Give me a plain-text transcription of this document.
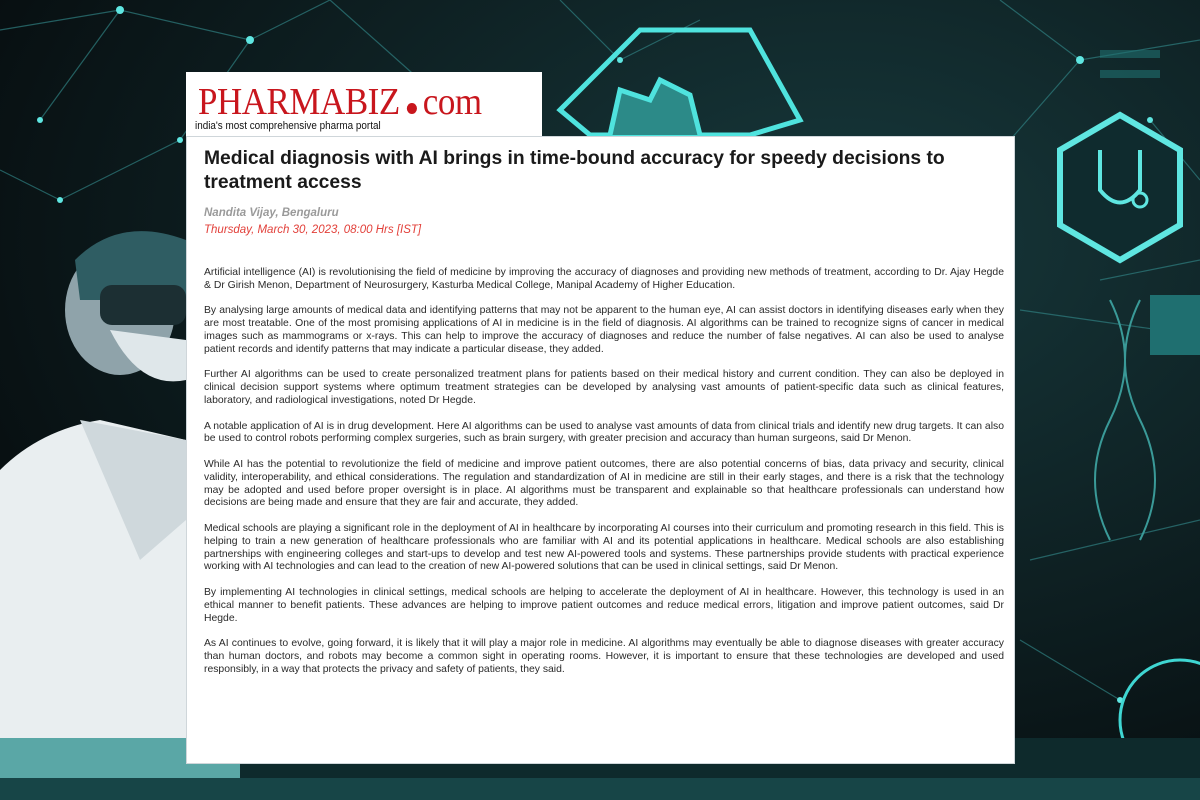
PHARMABIZ com
india's most comprehensive pharma portal
Medical diagnosis with AI brings in time-bound accuracy for speedy decisions to treatment access
Nandita Vijay, Bengaluru
Thursday, March 30, 2023, 08:00 Hrs [IST]

Artificial intelligence (AI) is revolutionising the field of medicine by improving the accuracy of diagnoses and providing new methods of treatment, according to Dr. Ajay Hegde & Dr Girish Menon, Department of Neurosurgery, Kasturba Medical College, Manipal Academy of Higher Education.

By analysing large amounts of medical data and identifying patterns that may not be apparent to the human eye, AI can assist doctors in identifying diseases early when they are most treatable. One of the most promising applications of AI in medicine is in the field of diagnosis. AI algorithms can be trained to recognize signs of cancer in medical images such as mammograms or x-rays. This can help to improve the accuracy of diagnoses and reduce the number of false negatives. AI can also be used to analyse patient records and identify patterns that may indicate a particular disease, they added.

Further AI algorithms can be used to create personalized treatment plans for patients based on their medical history and current condition. They can also be deployed in clinical decision support systems where optimum treatment strategies can be developed by analysing vast amounts of patient-specific data such as clinical features, laboratory, and radiological investigations, noted Dr Hegde.

A notable application of AI is in drug development. Here AI algorithms can be used to analyse vast amounts of data from clinical trials and identify new drug targets. It can also be used to control robots performing complex surgeries, such as brain surgery, with greater precision and accuracy than human surgeons, said Dr Menon.

While AI has the potential to revolutionize the field of medicine and improve patient outcomes, there are also potential concerns of bias, data privacy and security, clinical validity, interoperability, and ethical considerations. The regulation and standardization of AI in medicine are still in their early stages, and there is a risk that the technology may be adopted and used before proper oversight is in place. AI algorithms must be transparent and explainable so that healthcare professionals can understand how decisions are being made and ensure that they are fair and accurate, they added.

Medical schools are playing a significant role in the deployment of AI in healthcare by incorporating AI courses into their curriculum and promoting research in this field. This is helping to train a new generation of healthcare professionals who are familiar with AI and its potential applications in healthcare. Medical schools are also establishing partnerships with engineering colleges and start-ups to develop and test new AI-powered tools and systems. These partnerships provide students with practical experience working with AI technologies and can lead to the creation of new AI-powered solutions that can be used in clinical settings, said Dr Menon.

By implementing AI technologies in clinical settings, medical schools are helping to accelerate the deployment of AI in healthcare. However, this technology is used in an ethical manner to benefit patients. These advances are helping to improve patient outcomes and reduce medical errors, litigation and improve patient outcomes, said Dr Hegde.

As AI continues to evolve, going forward, it is likely that it will play a major role in medicine. AI algorithms may eventually be able to diagnose diseases with greater accuracy than human doctors, and robots may become a common sight in operating rooms. However, it is important to ensure that these technologies are developed and used responsibly, in a way that protects the privacy and safety of patients, they said.
